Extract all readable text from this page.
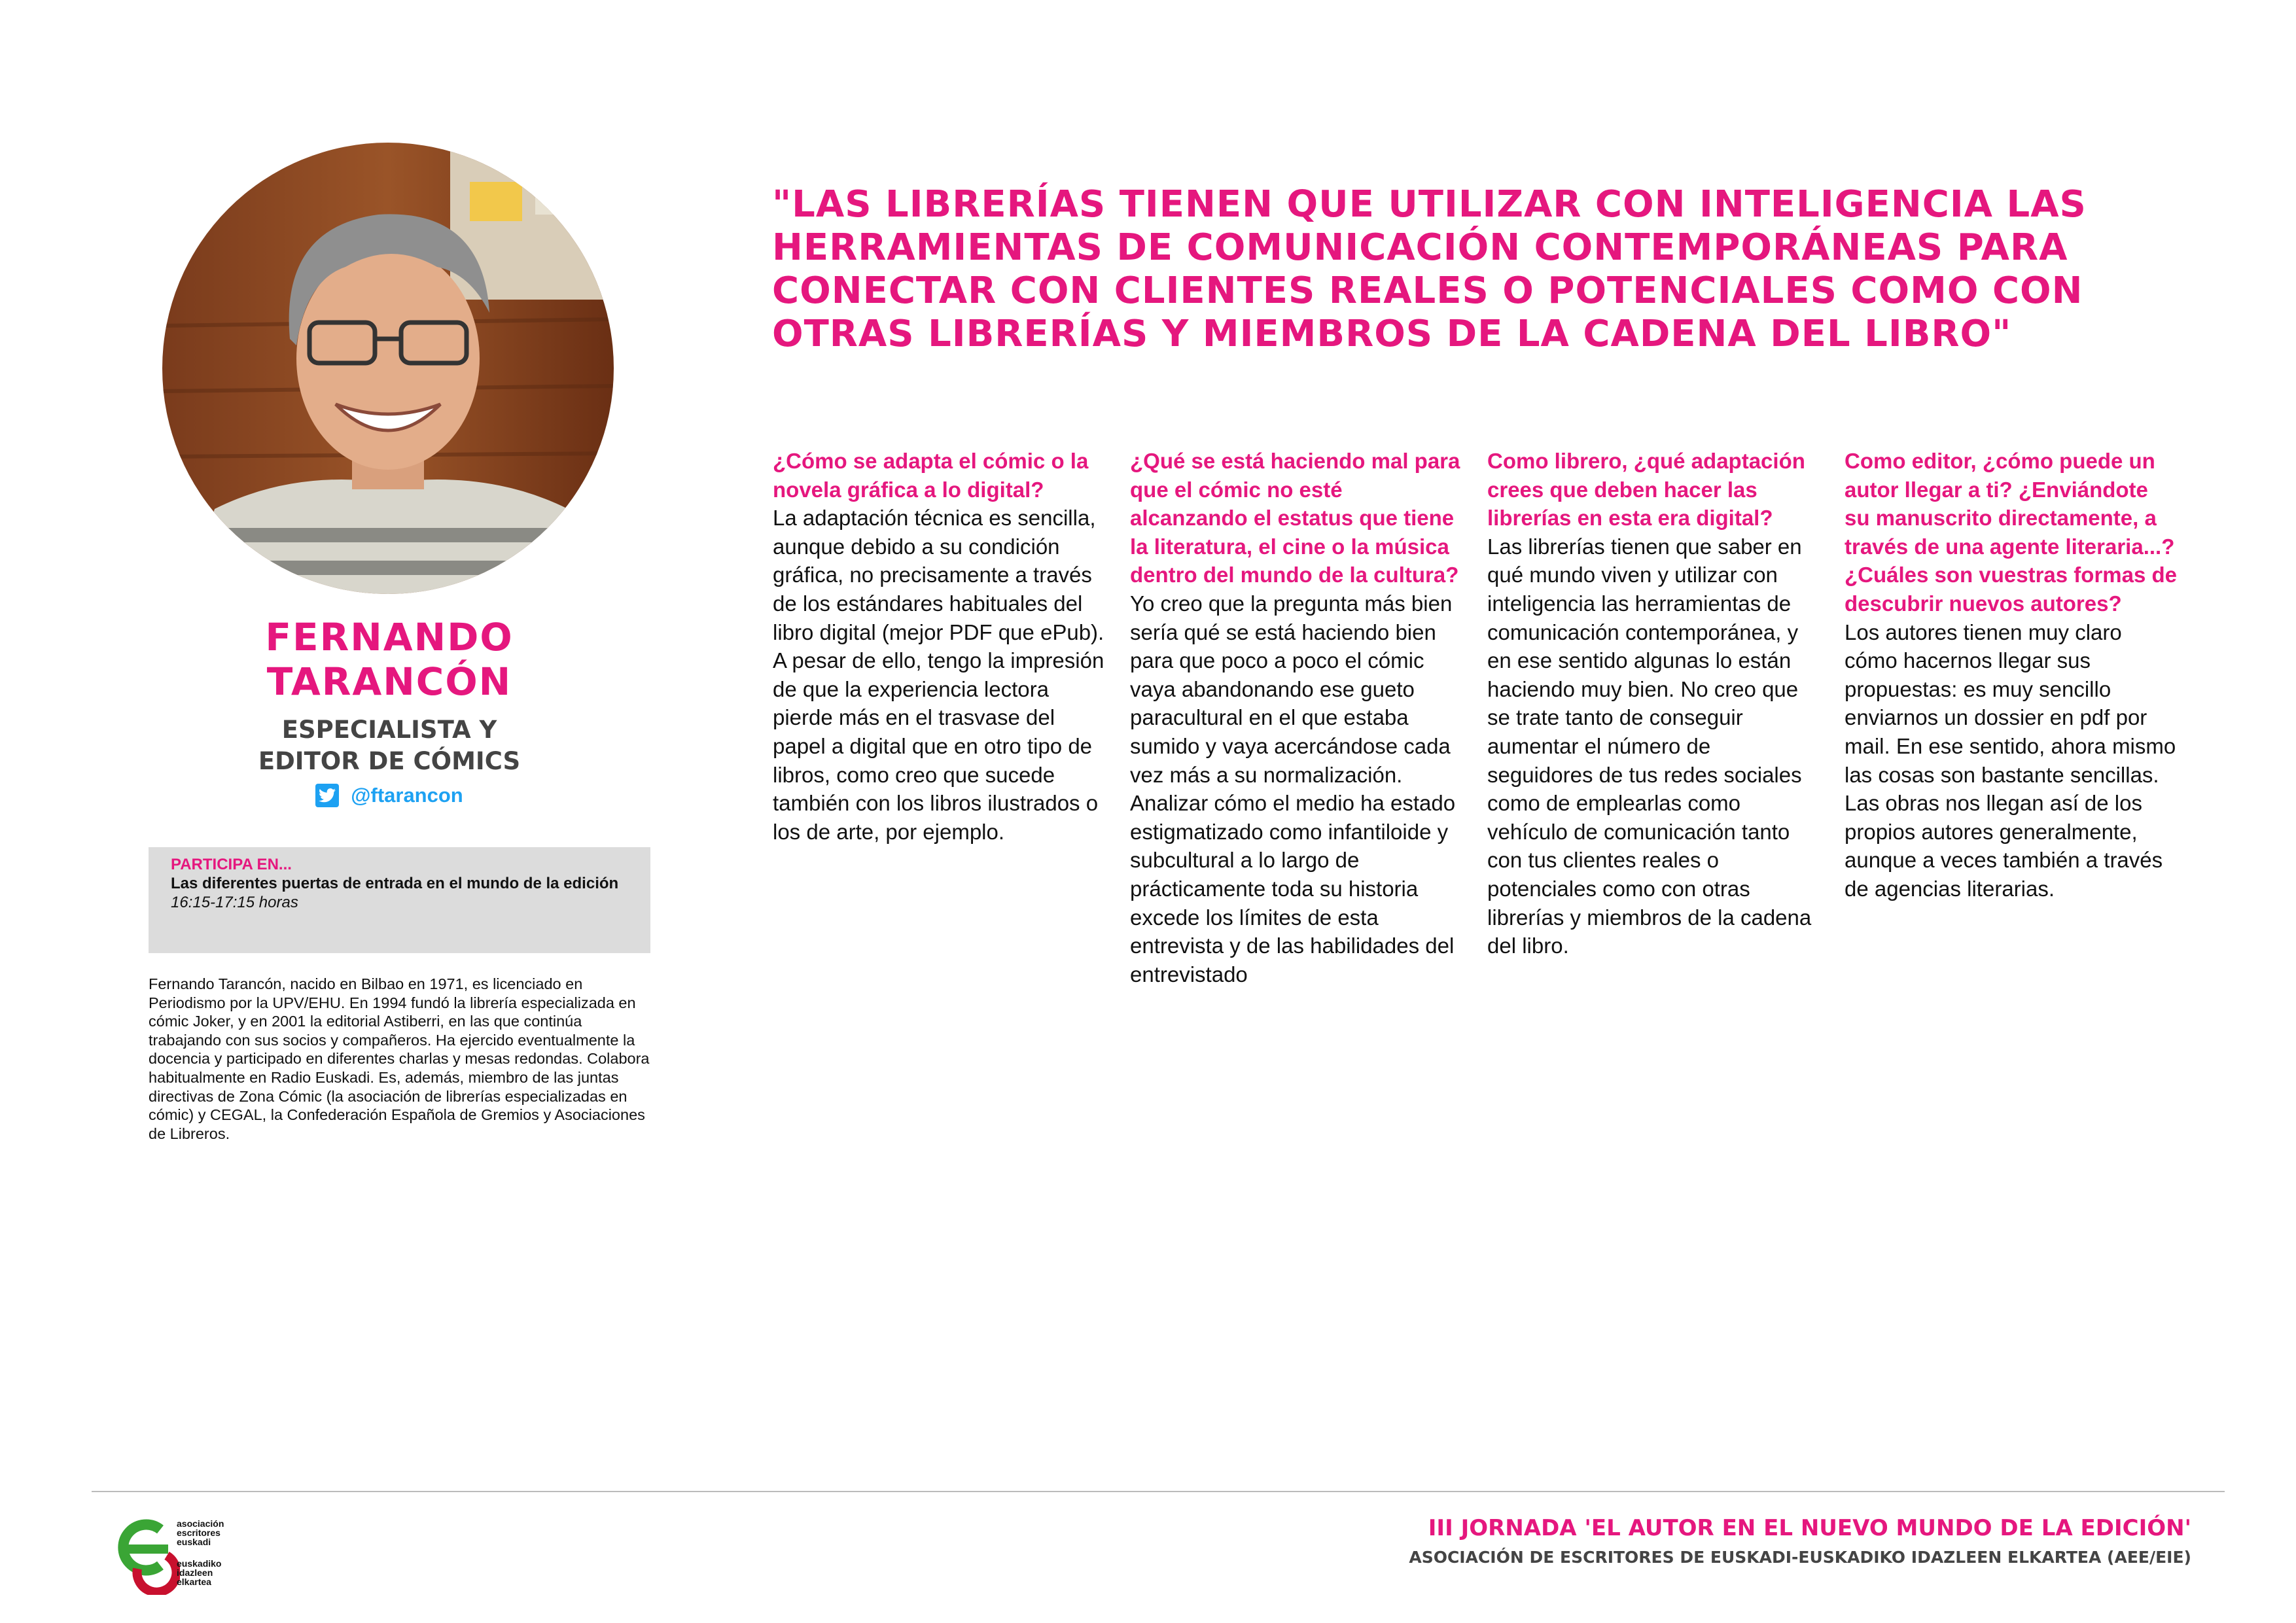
FERNANDO TARANCÓN
ESPECIALISTA Y
EDITOR DE CÓMICS
@ftarancon
PARTICIPA EN...
Las diferentes puertas de entrada en el mundo de la edición
16:15-17:15 horas
Fernando Tarancón, nacido en Bilbao en 1971, es licenciado en Periodismo por la UPV/EHU. En 1994 fundó la librería especializada en cómic Joker, y en 2001 la editorial Astiberri, en las que continúa trabajando con sus socios y compañeros. Ha ejercido eventualmente la docencia y participado en diferentes charlas y mesas redondas. Colabora habitualmente en Radio Euskadi. Es, además, miembro de las juntas directivas de Zona Cómic (la asociación de librerías especializadas en cómic) y CEGAL, la Confederación Española de Gremios y Asociaciones de Libreros.
"LAS LIBRERÍAS TIENEN QUE UTILIZAR CON INTELIGENCIA LAS HERRAMIENTAS DE COMUNICACIÓN CONTEMPORÁNEAS PARA CONECTAR CON CLIENTES REALES O POTENCIALES COMO CON OTRAS LIBRERÍAS Y MIEMBROS DE LA CADENA DEL LIBRO"
¿Cómo se adapta el cómic o la novela gráfica a lo digital?
La adaptación técnica es sencilla, aunque debido a su condición gráfica, no precisamente a través de los estándares habituales del libro digital (mejor PDF que ePub). A pesar de ello, tengo la impresión de que la experiencia lectora pierde más en el trasvase del papel a digital que en otro tipo de libros, como creo que sucede también con los libros ilustrados o los de arte, por ejemplo.
¿Qué se está haciendo mal para que el cómic no esté alcanzando el estatus que tiene la literatura, el cine o la música dentro del mundo de la cultura?
Yo creo que la pregunta más bien sería qué se está haciendo bien para que poco a poco el cómic vaya abandonando ese gueto paracultural en el que estaba sumido y vaya acercándose cada vez más a su normalización. Analizar cómo el medio ha estado estigmatizado como infantiloide y subcultural a lo largo de prácticamente toda su historia excede los límites de esta entrevista y de las habilidades del entrevistado
Como librero, ¿qué adaptación crees que deben hacer las librerías en esta era digital?
Las librerías tienen que saber en qué mundo viven y utilizar con inteligencia las herramientas de comunicación contemporánea, y en ese sentido algunas lo están haciendo muy bien. No creo que se trate tanto de conseguir aumentar el número de seguidores de tus redes sociales como de emplearlas como vehículo de comunicación tanto con tus clientes reales o potenciales como con otras librerías y miembros de la cadena del libro.
Como editor, ¿cómo puede un autor llegar a ti? ¿Enviándote su manuscrito directamente, a través de una agente literaria...? ¿Cuáles son vuestras formas de descubrir nuevos autores?
Los autores tienen muy claro cómo hacernos llegar sus propuestas: es muy sencillo enviarnos un dossier en pdf por mail. En ese sentido, ahora mismo las cosas son bastante sencillas. Las obras nos llegan así de los propios autores generalmente, aunque a veces también a través de agencias literarias.
asociación
escritores
euskadi
euskadiko
idazleen
elkartea
III JORNADA 'EL AUTOR EN EL NUEVO MUNDO DE LA EDICIÓN'
ASOCIACIÓN DE ESCRITORES DE EUSKADI-EUSKADIKO IDAZLEEN ELKARTEA (AEE/EIE)
